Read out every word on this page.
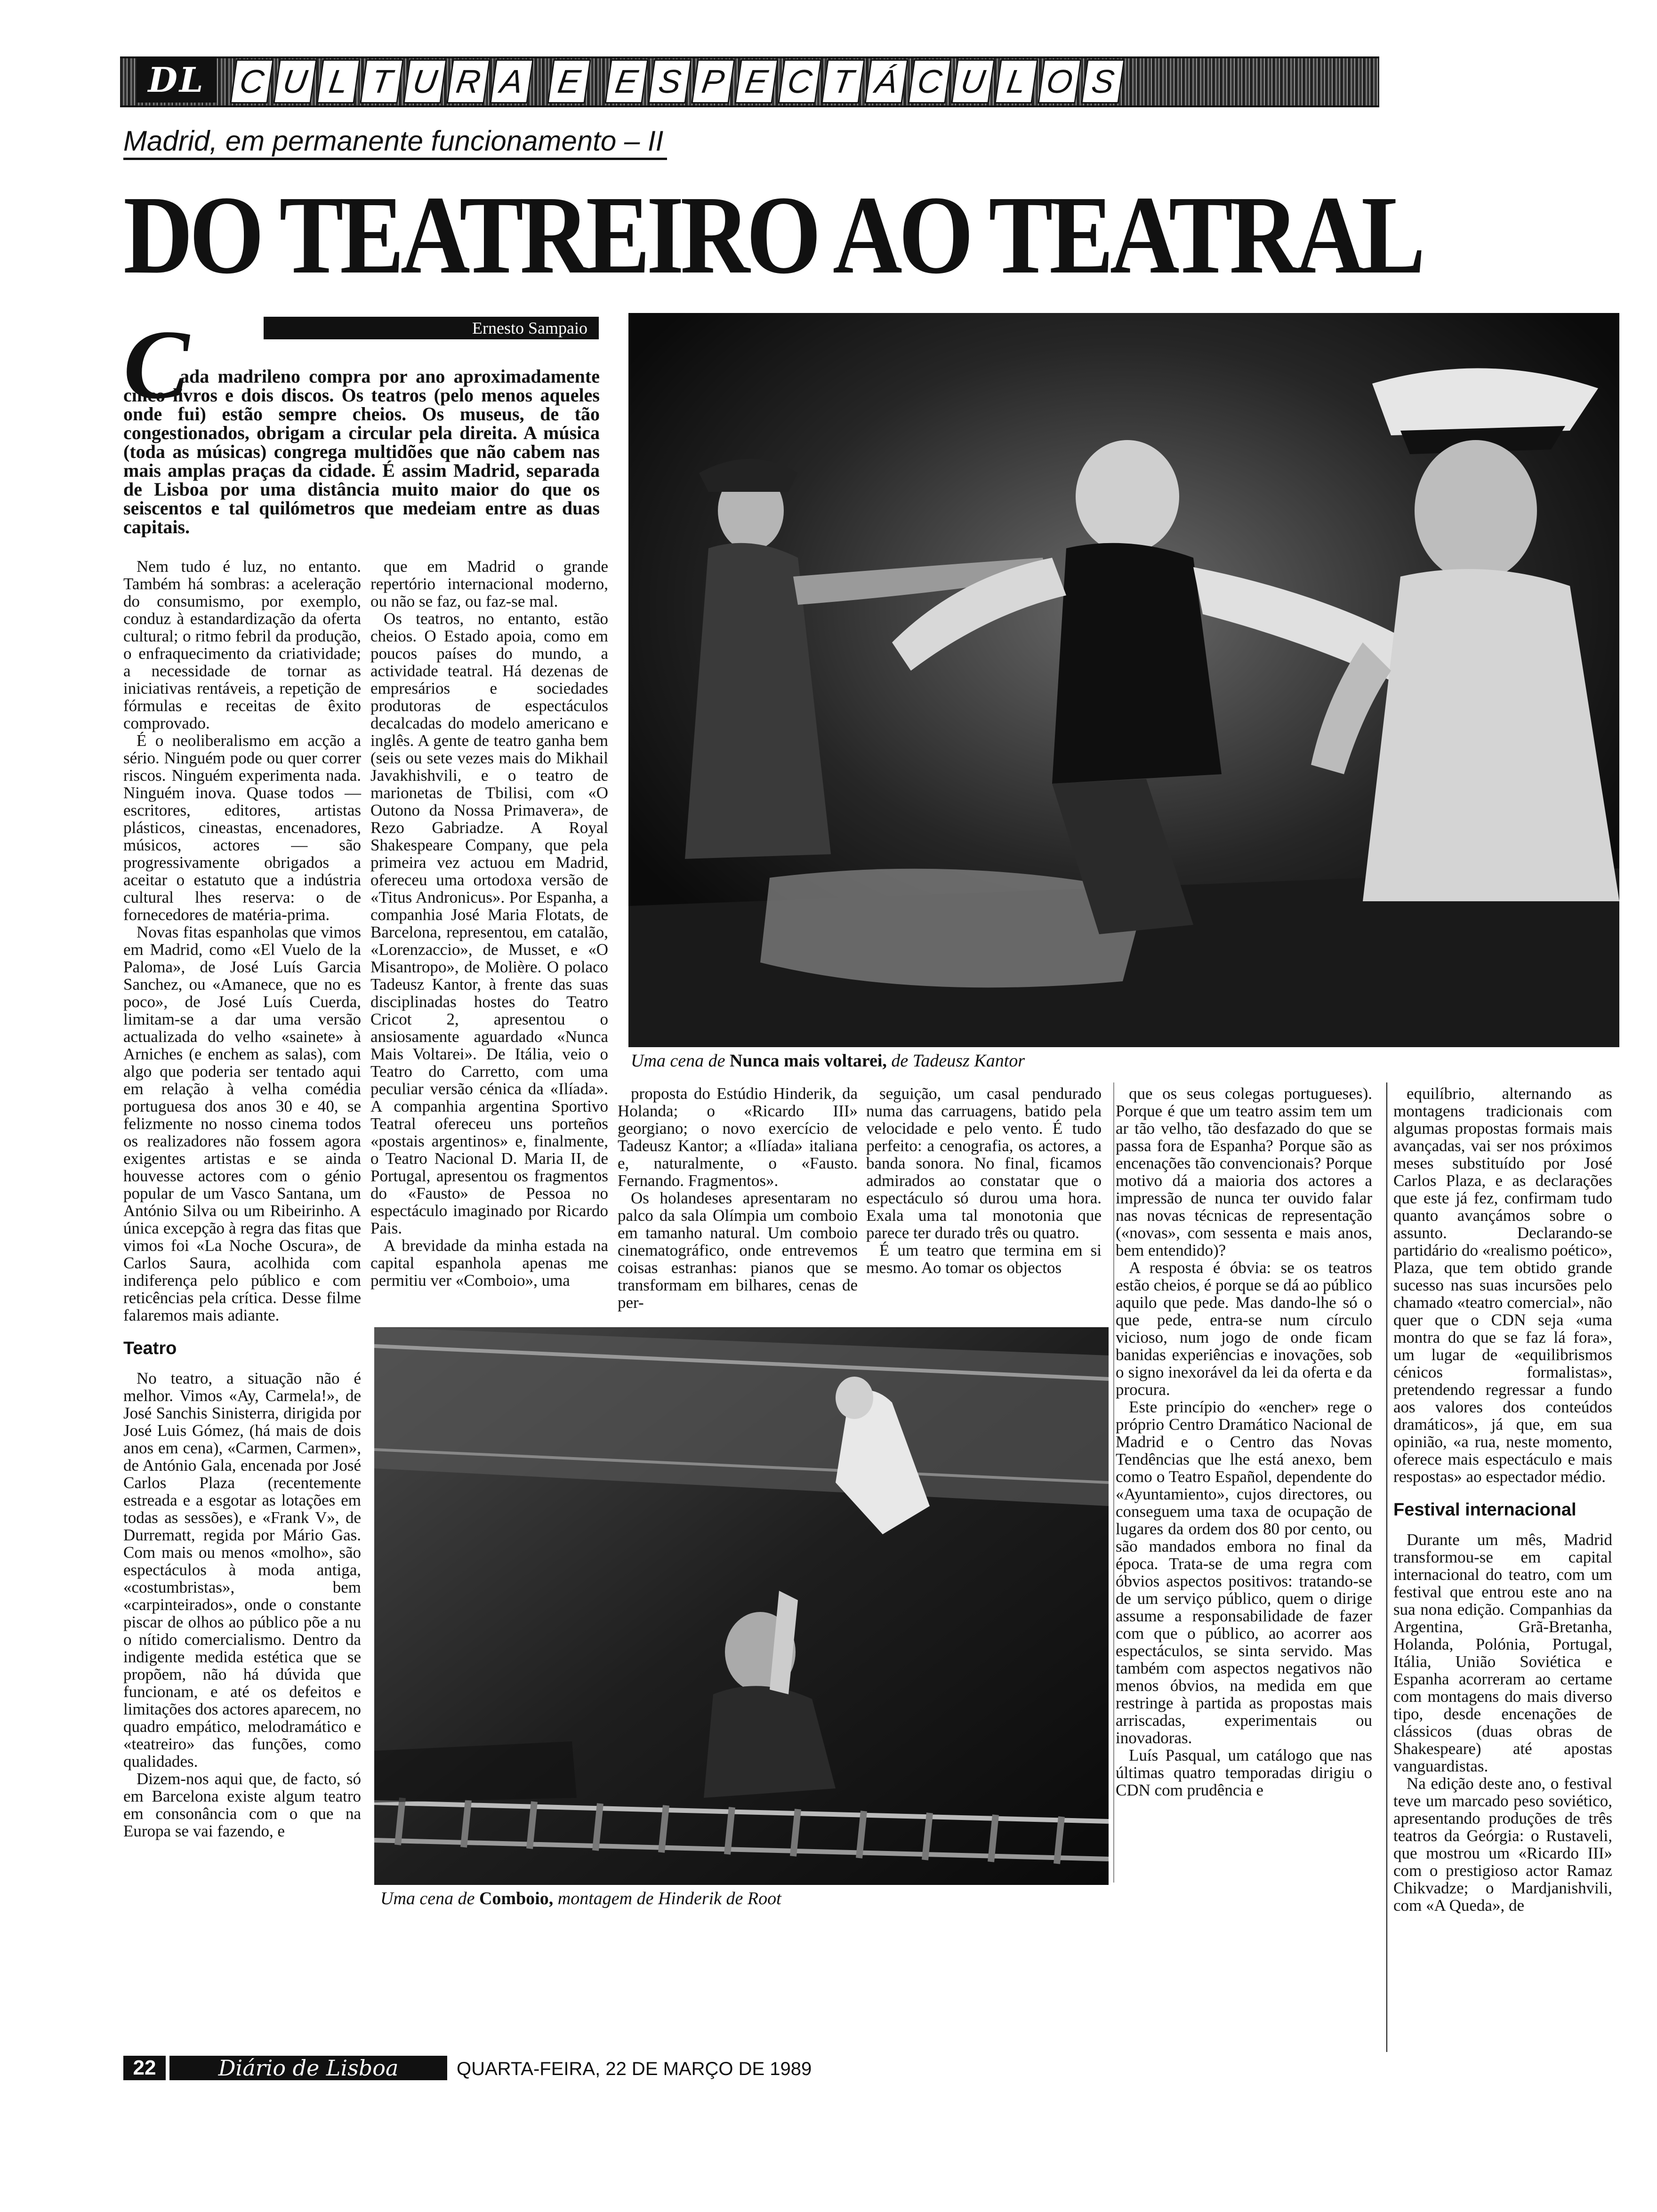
DL
Madrid, em permanente funcionamento – II
DO TEATREIRO AO TEATRAL
Ernesto Sampaio
C
ada madrileno compra por ano aproximadamente cinco livros e dois discos. Os teatros (pelo menos aqueles onde fui) estão sempre cheios. Os museus, de tão congestionados, obrigam a circular pela direita. A música (toda as músicas) congrega multidões que não cabem nas mais amplas praças da cidade. É assim Madrid, separada de Lisboa por uma distância muito maior do que os seiscentos e tal quilómetros que medeiam entre as duas capitais.
Uma cena de Nunca mais voltarei, de Tadeusz Kantor

Nem tudo é luz, no entanto. Também há sombras: a aceleração do consumismo, por exemplo, conduz à estandardização da oferta cultural; o ritmo febril da produção, o enfraquecimento da criatividade; a necessidade de tornar as iniciativas rentáveis, a repetição de fórmulas e receitas de êxito comprovado.

É o neoliberalismo em acção a sério. Ninguém pode ou quer correr riscos. Ninguém experimenta nada. Ninguém inova. Quase todos — escritores, editores, artistas plásticos, cineastas, encenadores, músicos, actores — são progressivamente obrigados a aceitar o estatuto que a indústria cultural lhes reserva: o de fornecedores de matéria-prima.

Novas fitas espanholas que vimos em Madrid, como «El Vuelo de la Paloma», de José Luís Garcia Sanchez, ou «Amanece, que no es poco», de José Luís Cuerda, limitam-se a dar uma versão actualizada do velho «sainete» à Arniches (e enchem as salas), com algo que poderia ser tentado aqui em relação à velha comédia portuguesa dos anos 30 e 40, se felizmente no nosso cinema todos os realizadores não fossem agora exigentes artistas e se ainda houvesse actores com o génio popular de um Vasco Santana, um António Silva ou um Ribeirinho. A única excepção à regra das fitas que vimos foi «La Noche Oscura», de Carlos Saura, acolhida com indiferença pelo público e com reticências pela crítica. Desse filme falaremos mais adiante.

Teatro

No teatro, a situação não é melhor. Vimos «Ay, Carmela!», de José Sanchis Sinisterra, dirigida por José Luis Gómez, (há mais de dois anos em cena), «Carmen, Carmen», de António Gala, encenada por José Carlos Plaza (recentemente estreada e a esgotar as lotações em todas as sessões), e «Frank V», de Durrematt, regida por Mário Gas. Com mais ou menos «molho», são espectáculos à moda antiga, «costumbristas», bem «carpinteirados», onde o constante piscar de olhos ao público põe a nu o nítido comercialismo. Dentro da indigente medida estética que se propõem, não há dúvida que funcionam, e até os defeitos e limitações dos actores aparecem, no quadro empático, melodramático e «teatreiro» das funções, como qualidades.

Dizem-nos aqui que, de facto, só em Barcelona existe algum teatro em consonância com o que na Europa se vai fazendo, e

que em Madrid o grande repertório internacional moderno, ou não se faz, ou faz-se mal.

Os teatros, no entanto, estão cheios. O Estado apoia, como em poucos países do mundo, a actividade teatral. Há dezenas de empresários e sociedades produtoras de espectáculos decalcadas do modelo americano e inglês. A gente de teatro ganha bem (seis ou sete vezes mais do Mikhail Javakhishvili, e o teatro de marionetas de Tbilisi, com «O Outono da Nossa Primavera», de Rezo Gabriadze. A Royal Shakespeare Company, que pela primeira vez actuou em Madrid, ofereceu uma ortodoxa versão de «Titus Andronicus». Por Espanha, a companhia José Maria Flotats, de Barcelona, representou, em catalão, «Lorenzaccio», de Musset, e «O Misantropo», de Molière. O polaco Tadeusz Kantor, à frente das suas disciplinadas hostes do Teatro Cricot 2, apresentou o ansiosamente aguardado «Nunca Mais Voltarei». De Itália, veio o Teatro do Carretto, com uma peculiar versão cénica da «Ilíada». A companhia argentina Sportivo Teatral ofereceu uns porteños «postais argentinos» e, finalmente, o Teatro Nacional D. Maria II, de Portugal, apresentou os fragmentos do «Fausto» de Pessoa no espectáculo imaginado por Ricardo Pais.

A brevidade da minha estada na capital espanhola apenas me permitiu ver «Comboio», uma

proposta do Estúdio Hinderik, da Holanda; o «Ricardo III» georgiano; o novo exercício de Tadeusz Kantor; a «Ilíada» italiana e, naturalmente, o «Fausto. Fernando. Fragmentos».

Os holandeses apresentaram no palco da sala Olímpia um comboio em tamanho natural. Um comboio cinematográfico, onde entrevemos coisas estranhas: pianos que se transformam em bilhares, cenas de per-

seguição, um casal pendurado numa das carruagens, batido pela velocidade e pelo vento. É tudo perfeito: a cenografia, os actores, a banda sonora. No final, ficamos admirados ao constatar que o espectáculo só durou uma hora. Exala uma tal monotonia que parece ter durado três ou quatro.

É um teatro que termina em si mesmo. Ao tomar os objectos

Uma cena de Comboio, montagem de Hinderik de Root

que os seus colegas portugueses). Porque é que um teatro assim tem um ar tão velho, tão desfazado do que se passa fora de Espanha? Porque são as encenações tão convencionais? Porque motivo dá a maioria dos actores a impressão de nunca ter ouvido falar nas novas técnicas de representação («novas», com sessenta e mais anos, bem entendido)?

A resposta é óbvia: se os teatros estão cheios, é porque se dá ao público aquilo que pede. Mas dando-lhe só o que pede, entra-se num círculo vicioso, num jogo de onde ficam banidas experiências e inovações, sob o signo inexorável da lei da oferta e da procura.

Este princípio do «encher» rege o próprio Centro Dramático Nacional de Madrid e o Centro das Novas Tendências que lhe está anexo, bem como o Teatro Español, dependente do «Ayuntamiento», cujos directores, ou conseguem uma taxa de ocupação de lugares da ordem dos 80 por cento, ou são mandados embora no final da época. Trata-se de uma regra com óbvios aspectos positivos: tratando-se de um serviço público, quem o dirige assume a responsabilidade de fazer com que o público, ao acorrer aos espectáculos, se sinta servido. Mas também com aspectos negativos não menos óbvios, na medida em que restringe à partida as propostas mais arriscadas, experimentais ou inovadoras.

Luís Pasqual, um catálogo que nas últimas quatro temporadas dirigiu o CDN com prudência e

equilíbrio, alternando as montagens tradicionais com algumas propostas formais mais avançadas, vai ser nos próximos meses substituído por José Carlos Plaza, e as declarações que este já fez, confirmam tudo quanto avançámos sobre o assunto. Declarando-se partidário do «realismo poético», Plaza, que tem obtido grande sucesso nas suas incursões pelo chamado «teatro comercial», não quer que o CDN seja «uma montra do que se faz lá fora», um lugar de «equilibrismos cénicos formalistas», pretendendo regressar a fundo aos valores dos conteúdos dramáticos», já que, em sua opinião, «a rua, neste momento, oferece mais espectáculo e mais respostas» ao espectador médio.

Festival internacional

Durante um mês, Madrid transformou-se em capital internacional do teatro, com um festival que entrou este ano na sua nona edição. Companhias da Argentina, Grã-Bretanha, Holanda, Polónia, Portugal, Itália, União Soviética e Espanha acorreram ao certame com montagens do mais diverso tipo, desde encenações de clássicos (duas obras de Shakespeare) até apostas vanguardistas.

Na edição deste ano, o festival teve um marcado peso soviético, apresentando produções de três teatros da Geórgia: o Rustaveli, que mostrou um «Ricardo III» com o prestigioso actor Ramaz Chikvadze; o Mardjanishvili, com «A Queda», de

22	Diário de Lisboa	QUARTA-FEIRA, 22 DE MARÇO DE 1989
C U L T U R A E E S P E C T Á C U L O S
